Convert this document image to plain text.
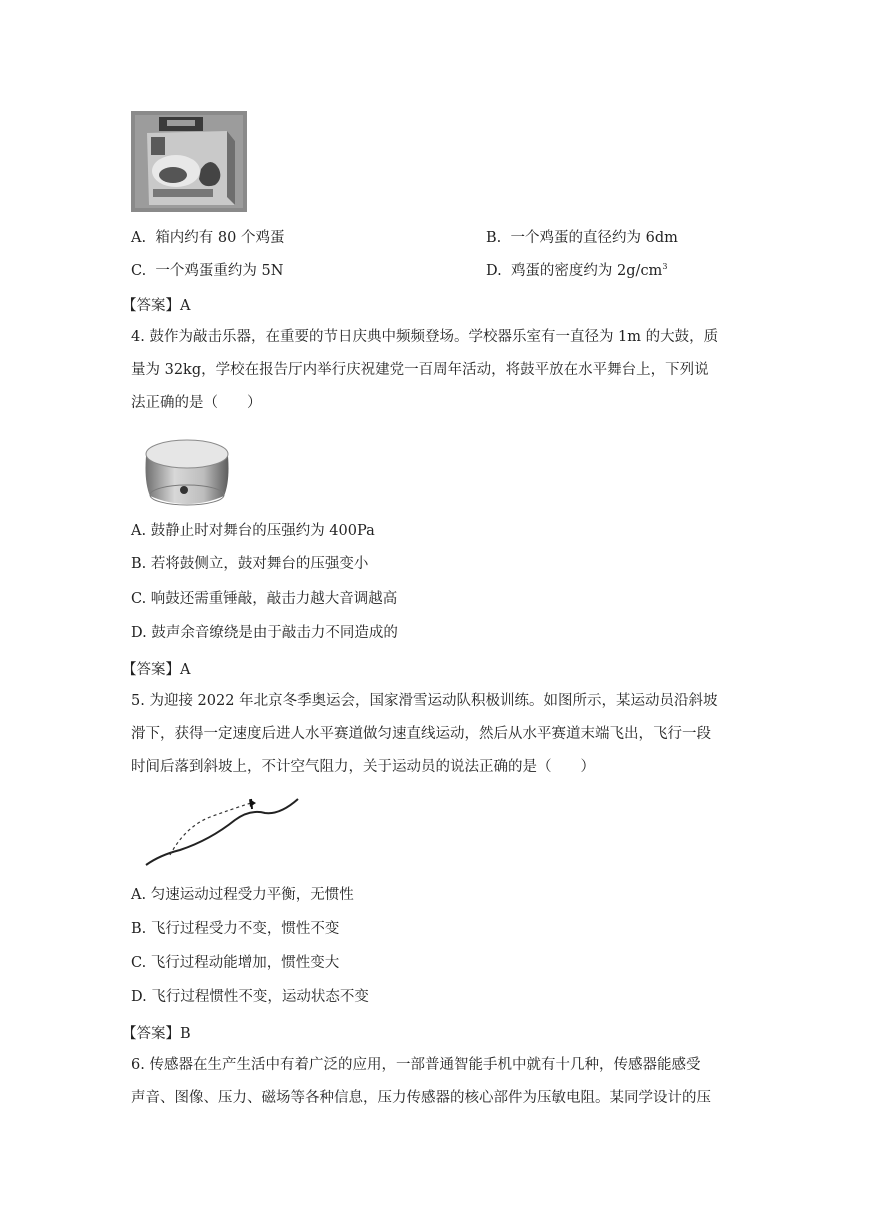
A. 箱内约有 80 个鸡蛋	B. 一个鸡蛋的直径约为 6dm
C. 一个鸡蛋重约为 5N	D. 鸡蛋的密度约为 $2g/cm^3$
【答案】A
4. 鼓作为敲击乐器，在重要的节日庆典中频频登场。学校器乐室有一直径为 1m 的大鼓，质
量为 32kg，学校在报告厅内举行庆祝建党一百周年活动，将鼓平放在水平舞台上，下列说
法正确的是（　　）
A. 鼓静止时对舞台的压强约为 400Pa
B. 若将鼓侧立，鼓对舞台的压强变小
C. 响鼓还需重锤敲，敲击力越大音调越高
D. 鼓声余音缭绕是由于敲击力不同造成的
【答案】A
5. 为迎接 2022 年北京冬季奥运会，国家滑雪运动队积极训练。如图所示，某运动员沿斜坡
滑下，获得一定速度后进人水平赛道做匀速直线运动，然后从水平赛道末端飞出，飞行一段
时间后落到斜坡上，不计空气阻力，关于运动员的说法正确的是（　　）
A. 匀速运动过程受力平衡，无惯性
B. 飞行过程受力不变，惯性不变
C. 飞行过程动能增加，惯性变大
D. 飞行过程惯性不变，运动状态不变
【答案】B
6. 传感器在生产生活中有着广泛的应用，一部普通智能手机中就有十几种，传感器能感受
声音、图像、压力、磁场等各种信息，压力传感器的核心部件为压敏电阻。某同学设计的压
